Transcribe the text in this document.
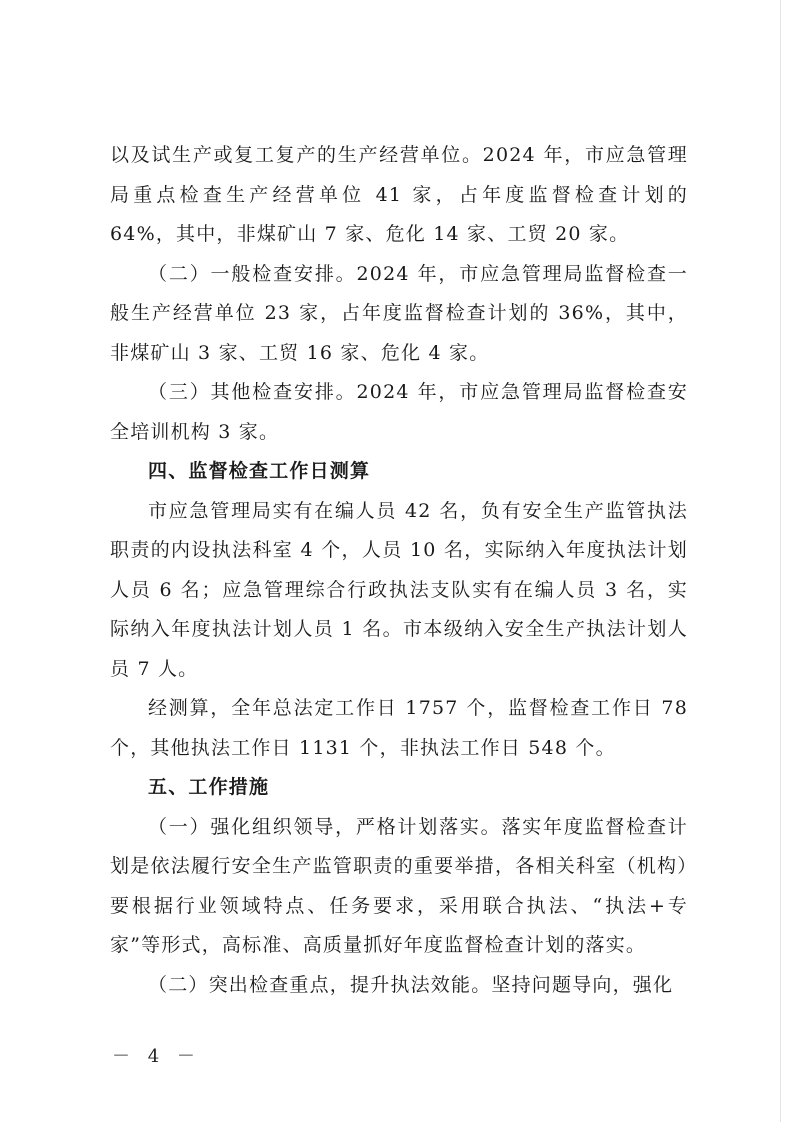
以及试生产或复工复产的生产经营单位。2024 年，市应急管理局重点检查生产经营单位 41 家，占年度监督检查计划的 64%，其中，非煤矿山 7 家、危化 14 家、工贸 20 家。

（二）一般检查安排。2024 年，市应急管理局监督检查一般生产经营单位 23 家，占年度监督检查计划的 36%，其中，非煤矿山 3 家、工贸 16 家、危化 4 家。

（三）其他检查安排。2024 年，市应急管理局监督检查安全培训机构 3 家。

四、监督检查工作日测算

市应急管理局实有在编人员 42 名，负有安全生产监管执法职责的内设执法科室 4 个，人员 10 名，实际纳入年度执法计划人员 6 名；应急管理综合行政执法支队实有在编人员 3 名，实际纳入年度执法计划人员 1 名。市本级纳入安全生产执法计划人员 7 人。

经测算，全年总法定工作日 1757 个，监督检查工作日 78 个，其他执法工作日 1131 个，非执法工作日 548 个。

五、工作措施

（一）强化组织领导，严格计划落实。落实年度监督检查计划是依法履行安全生产监管职责的重要举措，各相关科室（机构）要根据行业领域特点、任务要求，采用联合执法、“执法+专家”等形式，高标准、高质量抓好年度监督检查计划的落实。

（二）突出检查重点，提升执法效能。坚持问题导向，强化

－ 4 －
